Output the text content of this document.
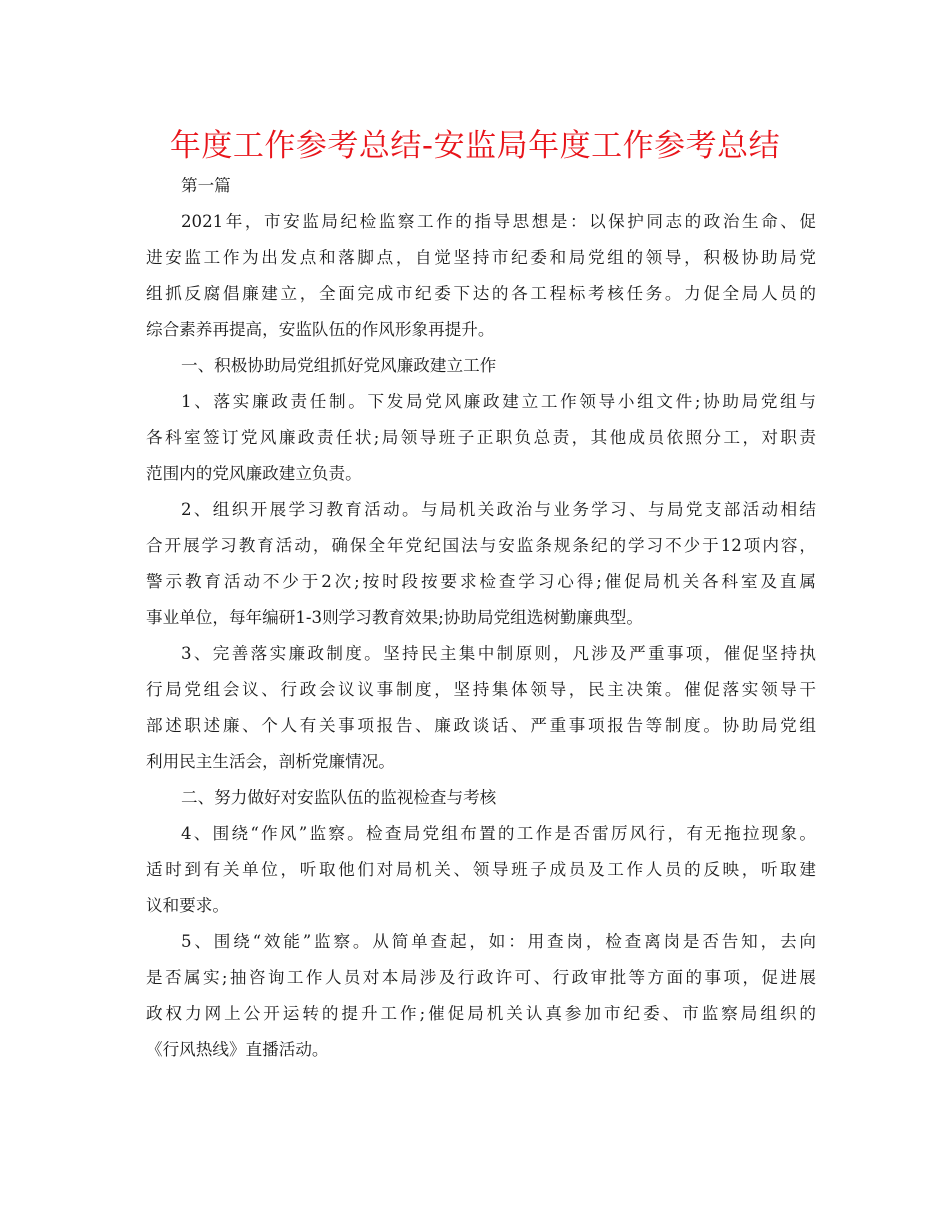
年度工作参考总结-安监局年度工作参考总结
第一篇
2021年，市安监局纪检监察工作的指导思想是：以保护同志的政治生命、促
进安监工作为出发点和落脚点，自觉坚持市纪委和局党组的领导，积极协助局党
组抓反腐倡廉建立，全面完成市纪委下达的各工程标考核任务。力促全局人员的
综合素养再提高，安监队伍的作风形象再提升。
一、积极协助局党组抓好党风廉政建立工作
1、落实廉政责任制。下发局党风廉政建立工作领导小组文件;协助局党组与
各科室签订党风廉政责任状;局领导班子正职负总责，其他成员依照分工，对职责
范围内的党风廉政建立负责。
2、组织开展学习教育活动。与局机关政治与业务学习、与局党支部活动相结
合开展学习教育活动，确保全年党纪国法与安监条规条纪的学习不少于12项内容，
警示教育活动不少于2次;按时段按要求检查学习心得;催促局机关各科室及直属
事业单位，每年编研1-3则学习教育效果;协助局党组选树勤廉典型。
3、完善落实廉政制度。坚持民主集中制原则，凡涉及严重事项，催促坚持执
行局党组会议、行政会议议事制度，坚持集体领导，民主决策。催促落实领导干
部述职述廉、个人有关事项报告、廉政谈话、严重事项报告等制度。协助局党组
利用民主生活会，剖析党廉情况。
二、努力做好对安监队伍的监视检查与考核
4、围绕“作风”监察。检查局党组布置的工作是否雷厉风行，有无拖拉现象。
适时到有关单位，听取他们对局机关、领导班子成员及工作人员的反映，听取建
议和要求。
5、围绕“效能”监察。从简单查起，如：用查岗，检查离岗是否告知，去向
是否属实;抽咨询工作人员对本局涉及行政许可、行政审批等方面的事项，促进展
政权力网上公开运转的提升工作;催促局机关认真参加市纪委、市监察局组织的
《行风热线》直播活动。
